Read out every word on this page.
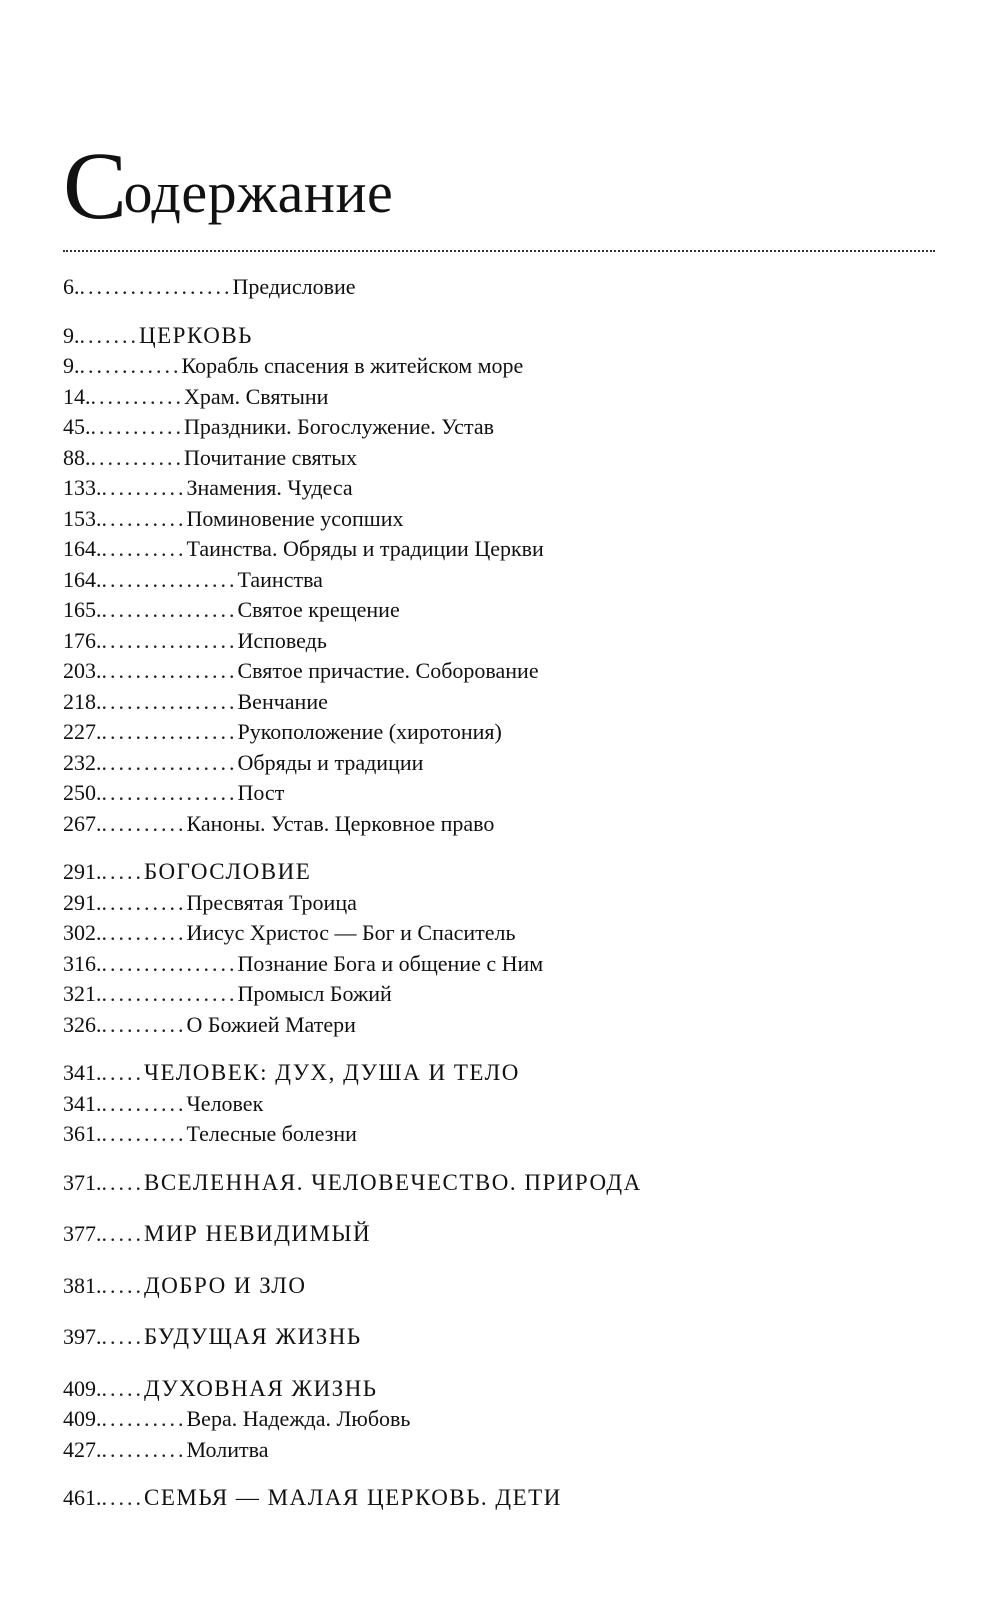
Содержание
6. .................. Предисловие
9. ....... ЦЕРКОВЬ
9. ............ Корабль спасения в житейском море
14. ........... Храм. Святыни
45. ........... Праздники. Богослужение. Устав
88. ........... Почитание святых
133. .......... Знамения. Чудеса
153. .......... Поминовение усопших
164. .......... Таинства. Обряды и традиции Церкви
164. ................ Таинства
165. ................ Святое крещение
176. ................ Исповедь
203. ................ Святое причастие. Соборование
218. ................ Венчание
227. ................ Рукоположение (хиротония)
232. ................ Обряды и традиции
250. ................ Пост
267. .......... Каноны. Устав. Церковное право
291. ..... БОГОСЛОВИЕ
291. .......... Пресвятая Троица
302. .......... Иисус Христос — Бог и Спаситель
316. ................ Познание Бога и общение с Ним
321. ................ Промысл Божий
326. .......... О Божией Матери
341. ..... ЧЕЛОВЕК: ДУХ, ДУША И ТЕЛО
341. .......... Человек
361. .......... Телесные болезни
371. ..... ВСЕЛЕННАЯ. ЧЕЛОВЕЧЕСТВО. ПРИРОДА
377. ..... МИР НЕВИДИМЫЙ
381. ..... ДОБРО И ЗЛО
397. ..... БУДУЩАЯ ЖИЗНЬ
409. ..... ДУХОВНАЯ ЖИЗНЬ
409. .......... Вера. Надежда. Любовь
427. .......... Молитва
461. ..... СЕМЬЯ — МАЛАЯ ЦЕРКОВЬ. ДЕТИ
